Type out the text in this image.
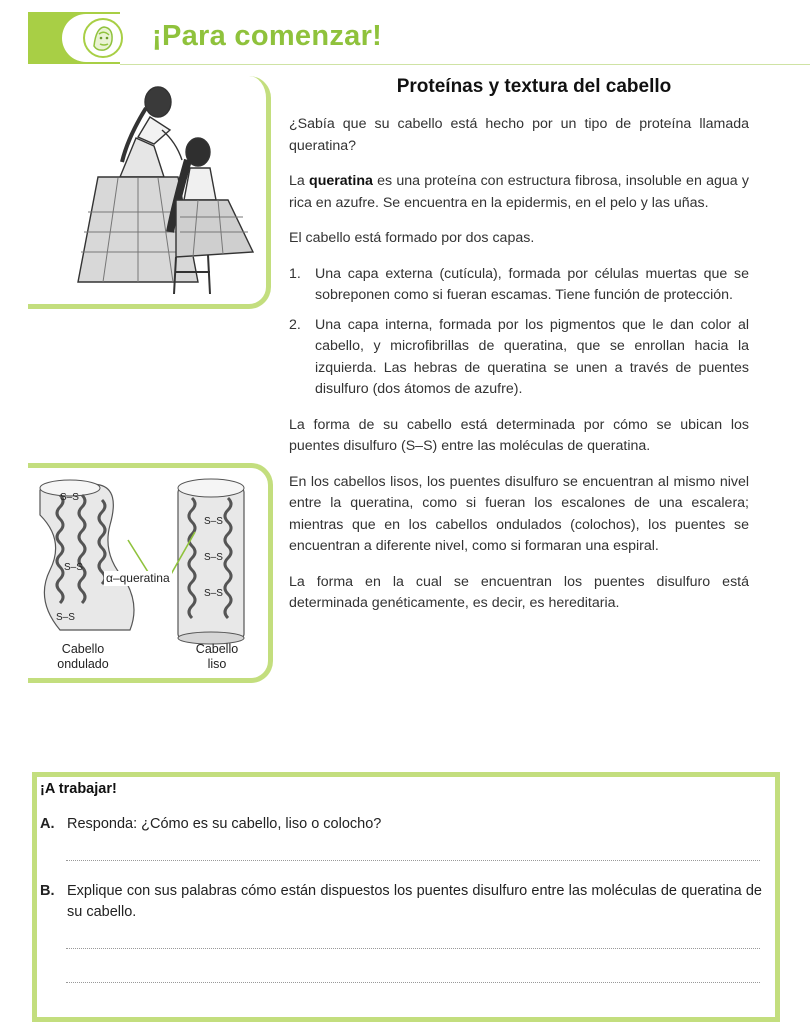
¡Para comenzar!
Proteínas y textura del cabello

¿Sabía que su cabello está hecho por un tipo de proteína llamada queratina?

La queratina es una proteína con estructura fibrosa, insoluble en agua y rica en azufre. Se encuentra en la epidermis, en el pelo y las uñas.

El cabello está formado por dos capas.

1. Una capa externa (cutícula), formada por células muertas que se sobreponen como si fueran escamas. Tiene función de protección.
2. Una capa interna, formada por los pigmentos que le dan color al cabello, y microfibrillas de queratina, que se enrollan hacia la izquierda. Las hebras de queratina se unen a través de puentes disulfuro (dos átomos de azufre).

La forma de su cabello está determinada por cómo se ubican los puentes disulfuro (S–S) entre las moléculas de queratina.

En los cabellos lisos, los puentes disulfuro se encuentran al mismo nivel entre la queratina, como si fueran los escalones de una escalera; mientras que en los cabellos ondulados (colochos), los puentes se encuentran a diferente nivel, como si formaran una espiral.

La forma en la cual se encuentran los puentes disulfuro está determinada genéticamente, es decir, es hereditaria.

S–S
S–S
S–S
S–S
S–S
S–S
α–queratina
Cabello
ondulado
Cabello
liso
¡A trabajar!
A. Responda: ¿Cómo es su cabello, liso o colocho?
B. Explique con sus palabras cómo están dispuestos los puentes disulfuro entre las moléculas de queratina de su cabello.
